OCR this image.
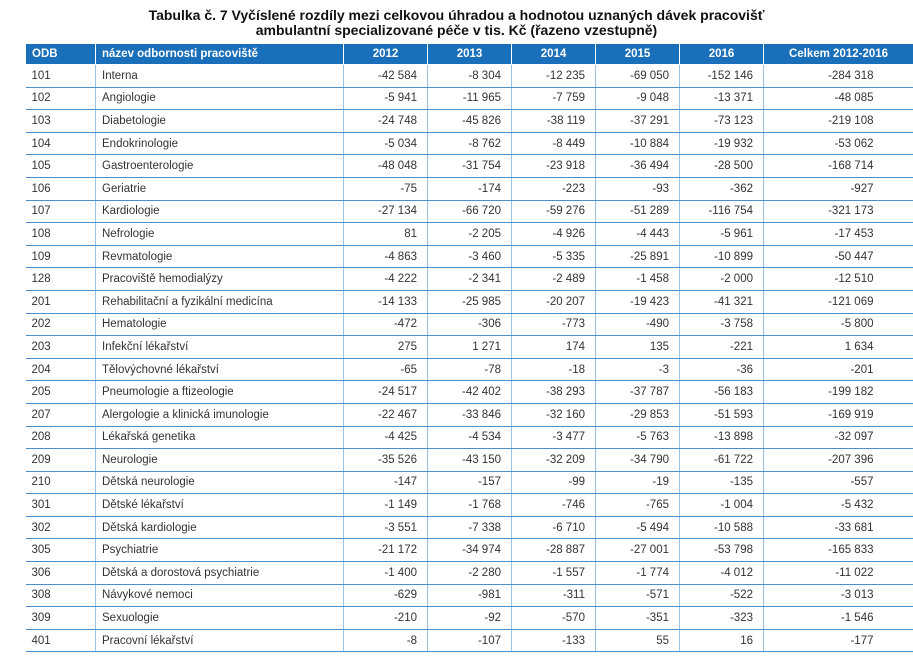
Tabulka č. 7 Vyčíslené rozdíly mezi celkovou úhradou a hodnotou uznaných dávek pracovišť
ambulantní specializované péče v tis. Kč (řazeno vzestupně)
ODB	název odbornosti pracoviště	2012	2013	2014	2015	2016	Celkem 2012-2016
101	Interna	-42 584	-8 304	-12 235	-69 050	-152 146	-284 318
102	Angiologie	-5 941	-11 965	-7 759	-9 048	-13 371	-48 085
103	Diabetologie	-24 748	-45 826	-38 119	-37 291	-73 123	-219 108
104	Endokrinologie	-5 034	-8 762	-8 449	-10 884	-19 932	-53 062
105	Gastroenterologie	-48 048	-31 754	-23 918	-36 494	-28 500	-168 714
106	Geriatrie	-75	-174	-223	-93	-362	-927
107	Kardiologie	-27 134	-66 720	-59 276	-51 289	-116 754	-321 173
108	Nefrologie	81	-2 205	-4 926	-4 443	-5 961	-17 453
109	Revmatologie	-4 863	-3 460	-5 335	-25 891	-10 899	-50 447
128	Pracoviště hemodialýzy	-4 222	-2 341	-2 489	-1 458	-2 000	-12 510
201	Rehabilitační a fyzikální medicína	-14 133	-25 985	-20 207	-19 423	-41 321	-121 069
202	Hematologie	-472	-306	-773	-490	-3 758	-5 800
203	Infekční lékařství	275	1 271	174	135	-221	1 634
204	Tělovýchovné lékařství	-65	-78	-18	-3	-36	-201
205	Pneumologie a ftizeologie	-24 517	-42 402	-38 293	-37 787	-56 183	-199 182
207	Alergologie a klinická imunologie	-22 467	-33 846	-32 160	-29 853	-51 593	-169 919
208	Lékařská genetika	-4 425	-4 534	-3 477	-5 763	-13 898	-32 097
209	Neurologie	-35 526	-43 150	-32 209	-34 790	-61 722	-207 396
210	Dětská neurologie	-147	-157	-99	-19	-135	-557
301	Dětské lékařství	-1 149	-1 768	-746	-765	-1 004	-5 432
302	Dětská kardiologie	-3 551	-7 338	-6 710	-5 494	-10 588	-33 681
305	Psychiatrie	-21 172	-34 974	-28 887	-27 001	-53 798	-165 833
306	Dětská a dorostová psychiatrie	-1 400	-2 280	-1 557	-1 774	-4 012	-11 022
308	Návykové nemoci	-629	-981	-311	-571	-522	-3 013
309	Sexuologie	-210	-92	-570	-351	-323	-1 546
401	Pracovní lékařství	-8	-107	-133	55	16	-177
